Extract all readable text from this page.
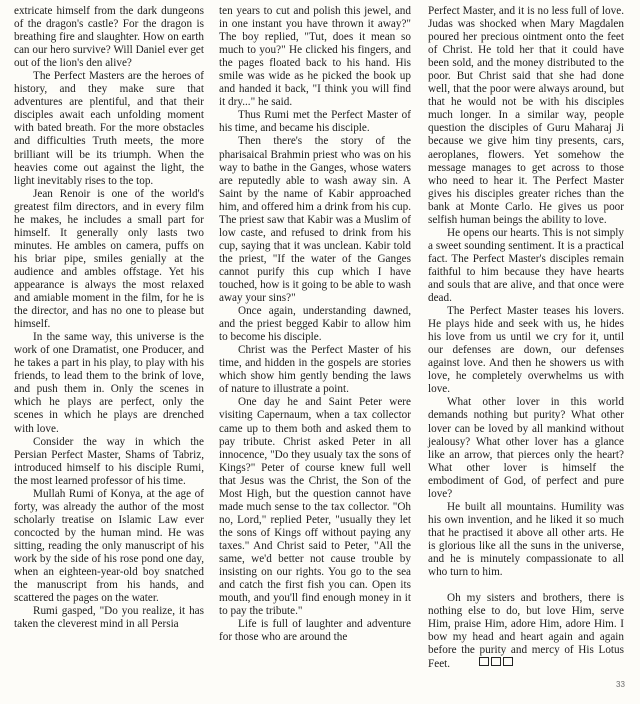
extricate himself from the dark dungeons of the dragon's castle? For the dragon is breathing fire and slaughter. How on earth can our hero survive? Will Daniel ever get out of the lion's den alive?

The Perfect Masters are the heroes of history, and they make sure that adventures are plentiful, and that their disciples await each unfolding moment with bated breath. For the more obstacles and difficulties Truth meets, the more brilliant will be its triumph. When the heavies come out against the light, the light inevitably rises to the top.

Jean Renoir is one of the world's greatest film directors, and in every film he makes, he includes a small part for himself. It generally only lasts two minutes. He ambles on camera, puffs on his briar pipe, smiles genially at the audience and ambles offstage. Yet his appearance is always the most relaxed and amiable moment in the film, for he is the director, and has no one to please but himself.

In the same way, this universe is the work of one Dramatist, one Producer, and he takes a part in his play, to play with his friends, to lead them to the brink of love, and push them in. Only the scenes in which he plays are perfect, only the scenes in which he plays are drenched with love.

Consider the way in which the Persian Perfect Master, Shams of Tabriz, introduced himself to his disciple Rumi, the most learned professor of his time.

Mullah Rumi of Konya, at the age of forty, was already the author of the most scholarly treatise on Islamic Law ever concocted by the human mind. He was sitting, reading the only manuscript of his work by the side of his rose pond one day, when an eighteen-year-old boy snatched the manuscript from his hands, and scattered the pages on the water.

Rumi gasped, "Do you realize, it has taken the cleverest mind in all Persia

ten years to cut and polish this jewel, and in one instant you have thrown it away?" The boy replied, "Tut, does it mean so much to you?" He clicked his fingers, and the pages floated back to his hand. His smile was wide as he picked the book up and handed it back, "I think you will find it dry..." he said.

Thus Rumi met the Perfect Master of his time, and became his disciple.

Then there's the story of the pharisaical Brahmin priest who was on his way to bathe in the Ganges, whose waters are reputedly able to wash away sin. A Saint by the name of Kabir approached him, and offered him a drink from his cup. The priest saw that Kabir was a Muslim of low caste, and refused to drink from his cup, saying that it was unclean. Kabir told the priest, "If the water of the Ganges cannot purify this cup which I have touched, how is it going to be able to wash away your sins?"

Once again, understanding dawned, and the priest begged Kabir to allow him to become his disciple.

Christ was the Perfect Master of his time, and hidden in the gospels are stories which show him gently bending the laws of nature to illustrate a point.

One day he and Saint Peter were visiting Capernaum, when a tax collector came up to them both and asked them to pay tribute. Christ asked Peter in all innocence, "Do they usualy tax the sons of Kings?" Peter of course knew full well that Jesus was the Christ, the Son of the Most High, but the question cannot have made much sense to the tax collector. "Oh no, Lord," replied Peter, "usually they let the sons of Kings off without paying any taxes." And Christ said to Peter, "All the same, we'd better not cause trouble by insisting on our rights. You go to the sea and catch the first fish you can. Open its mouth, and you'll find enough money in it to pay the tribute."

Life is full of laughter and adventure for those who are around the

Perfect Master, and it is no less full of love. Judas was shocked when Mary Magdalen poured her precious ointment onto the feet of Christ. He told her that it could have been sold, and the money distributed to the poor. But Christ said that she had done well, that the poor were always around, but that he would not be with his disciples much longer. In a similar way, people question the disciples of Guru Maharaj Ji because we give him tiny presents, cars, aeroplanes, flowers. Yet somehow the message manages to get across to those who need to hear it. The Perfect Master gives his disciples greater riches than the bank at Monte Carlo. He gives us poor selfish human beings the ability to love.

He opens our hearts. This is not simply a sweet sounding sentiment. It is a practical fact. The Perfect Master's disciples remain faithful to him because they have hearts and souls that are alive, and that once were dead.

The Perfect Master teases his lovers. He plays hide and seek with us, he hides his love from us until we cry for it, until our defenses are down, our defenses against love. And then he showers us with love, he completely overwhelms us with love.

What other lover in this world demands nothing but purity? What other lover can be loved by all mankind without jealousy? What other lover has a glance like an arrow, that pierces only the heart? What other lover is himself the embodiment of God, of perfect and pure love?

He built all mountains. Humility was his own invention, and he liked it so much that he practised it above all other arts. He is glorious like all the suns in the universe, and he is minutely compassionate to all who turn to him.

Oh my sisters and brothers, there is nothing else to do, but love Him, serve Him, praise Him, adore Him, adore Him. I bow my head and heart again and again before the purity and mercy of His Lotus Feet.

33
